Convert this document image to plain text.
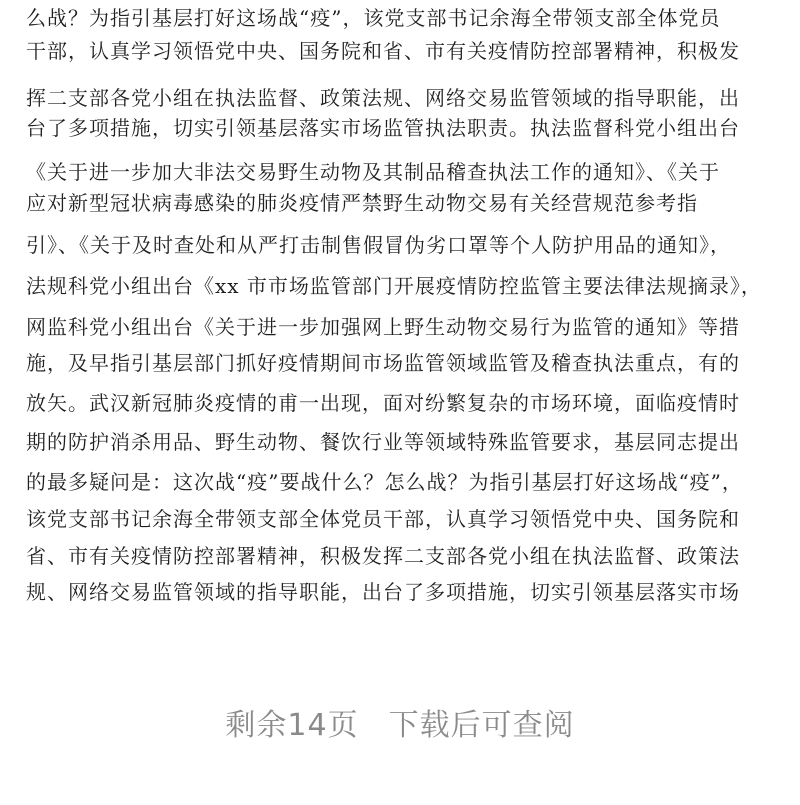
么战？为指引基层打好这场战“疫”，该党支部书记余海全带领支部全体党员
干部，认真学习领悟党中央、国务院和省、市有关疫情防控部署精神，积极发
挥二支部各党小组在执法监督、政策法规、网络交易监管领域的指导职能，出
台了多项措施，切实引领基层落实市场监管执法职责。执法监督科党小组出台
《关于进一步加大非法交易野生动物及其制品稽查执法工作的通知》、《关于
应对新型冠状病毒感染的肺炎疫情严禁野生动物交易有关经营规范参考指
引》、《关于及时查处和从严打击制售假冒伪劣口罩等个人防护用品的通知》，
法规科党小组出台《xx 市市场监管部门开展疫情防控监管主要法律法规摘录》，
网监科党小组出台《关于进一步加强网上野生动物交易行为监管的通知》等措
施，及早指引基层部门抓好疫情期间市场监管领域监管及稽查执法重点，有的
放矢。武汉新冠肺炎疫情的甫一出现，面对纷繁复杂的市场环境，面临疫情时
期的防护消杀用品、野生动物、餐饮行业等领域特殊监管要求，基层同志提出
的最多疑问是：这次战“疫”要战什么？怎么战？为指引基层打好这场战“疫”，
该党支部书记余海全带领支部全体党员干部，认真学习领悟党中央、国务院和
省、市有关疫情防控部署精神，积极发挥二支部各党小组在执法监督、政策法
规、网络交易监管领域的指导职能，出台了多项措施，切实引领基层落实市场
剩余14页 下载后可查阅
